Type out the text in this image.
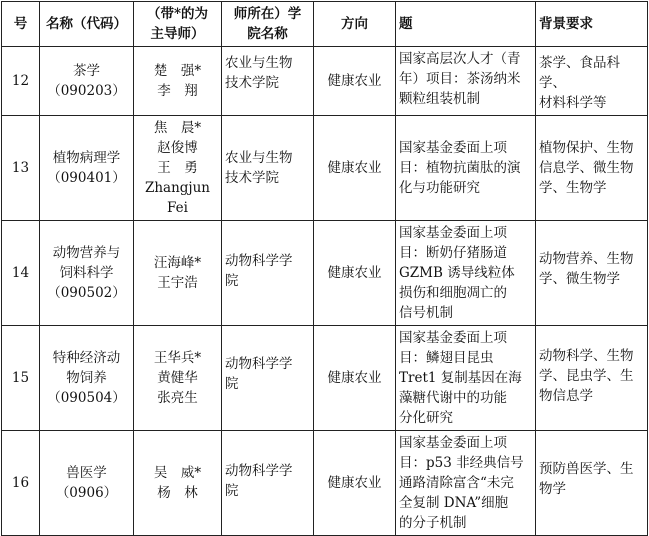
号	名称（代码）	（带*的为
主导师）	师所在）学
院名称	方向	题	背景要求
12	茶学
（090203）	楚　强*
李　翔	农业与生物
技术学院	健康农业	国家高层次人才（青
年）项目：茶汤纳米
颗粒组装机制	茶学、食品科学、
材料科学等

13	植物病理学
（090401）	焦　晨*
赵俊博
王　勇
Zhangjun
Fei	农业与生物
技术学院	健康农业	国家基金委面上项
目：植物抗菌肽的演
化与功能研究	植物保护、生物
信息学、微生物
学、生物学

14	动物营养与
饲料科学
（090502）	汪海峰*
王宇浩	动物科学学
院	健康农业	国家基金委面上项
目：断奶仔猪肠道
GZMB 诱导线粒体
损伤和细胞凋亡的
信号机制	动物营养、生物
学、微生物学

15	特种经济动
物饲养
（090504）	王华兵*
黄健华
张亮生	动物科学学
院	健康农业	国家基金委面上项
目：鳞翅目昆虫
Tret1 复制基因在海
藻糖代谢中的功能
分化研究	动物科学、生物
学、昆虫学、生
物信息学

16	兽医学
（0906）	吴　威*
杨　林	动物科学学
院	健康农业	国家基金委面上项
目：p53 非经典信号
通路清除富含“未完
全复制 DNA”细胞
的分子机制	预防兽医学、生
物学
